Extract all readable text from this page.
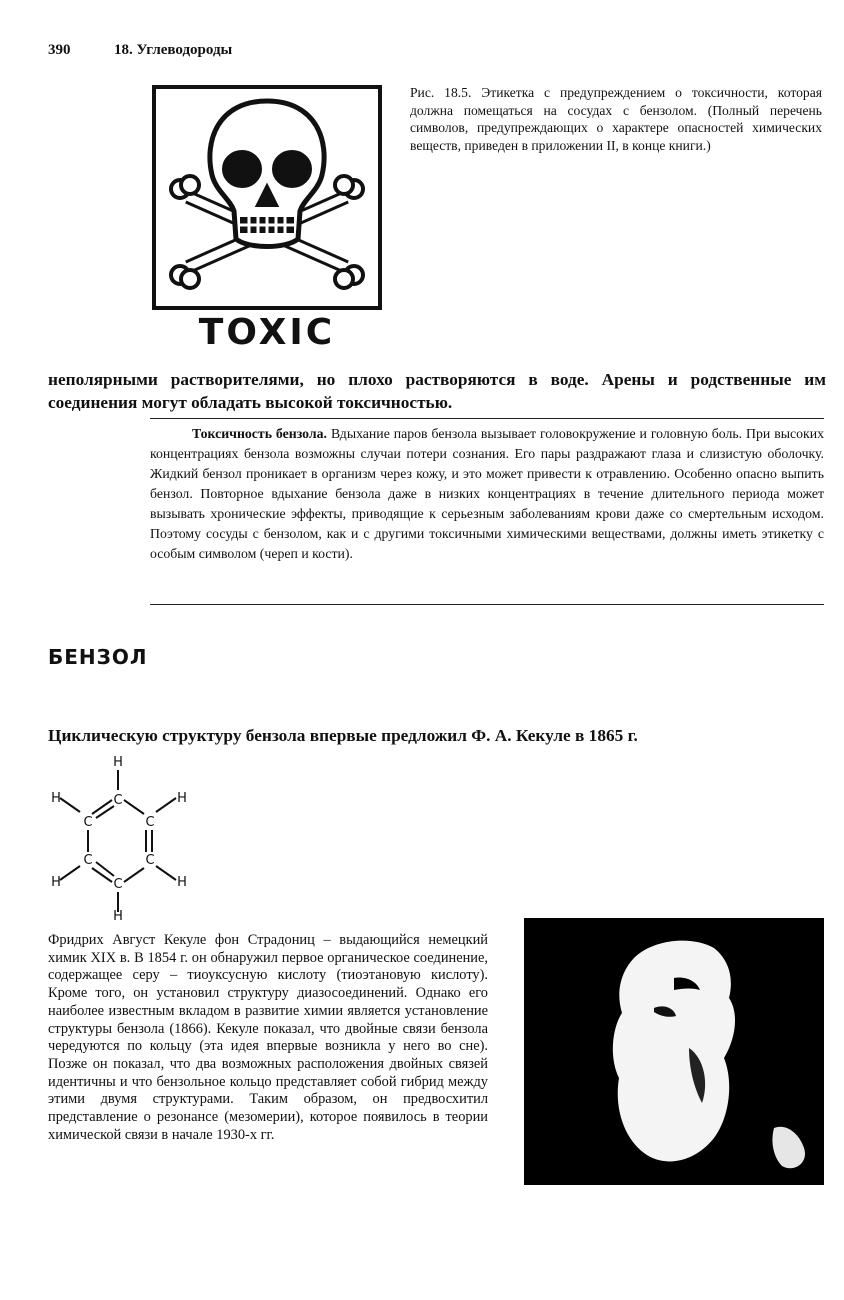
390	18. Углеводороды
TOXIC
Рис. 18.5. Этикетка с предупреждением о токсичности, которая должна помещаться на сосудах с бензолом. (Полный перечень символов, предупреждающих о характере опасностей химических веществ, приведен в приложении II, в конце книги.)
неполярными растворителями, но плохо растворяются в воде. Арены и родственные им соединения могут обладать высокой токсичностью.
Токсичность бензола. Вдыхание паров бензола вызывает головокружение и головную боль. При высоких концентрациях бензола возможны случаи потери сознания. Его пары раздражают глаза и слизистую оболочку. Жидкий бензол проникает в организм через кожу, и это может привести к отравлению. Особенно опасно выпить бензол. Повторное вдыхание бензола даже в низких концентрациях в течение длительного периода может вызывать хронические эффекты, приводящие к серьезным заболеваниям крови даже со смертельным исходом. Поэтому сосуды с бензолом, как и с другими токсичными химическими веществами, должны иметь этикетку с особым символом (череп и кости).
БЕНЗОЛ
Циклическую структуру бензола впервые предложил Ф. А. Кекуле в 1865 г.
H
C
C	C
C	C
C
H	H
H	H
H
Фридрих Август Кекуле фон Страдониц – выдающийся немецкий химик XIX в. В 1854 г. он обнаружил первое органическое соединение, содержащее серу – тиоуксусную кислоту (тиоэтановую кислоту). Кроме того, он установил структуру диазосоединений. Однако его наиболее известным вкладом в развитие химии является установление структуры бензола (1866). Кекуле показал, что двойные связи бензола чередуются по кольцу (эта идея впервые возникла у него во сне). Позже он показал, что два возможных расположения двойных связей идентичны и что бензольное кольцо представляет собой гибрид между этими двумя структурами. Таким образом, он предвосхитил представление о резонансе (мезомерии), которое появилось в теории химической связи в начале 1930-х гг.
